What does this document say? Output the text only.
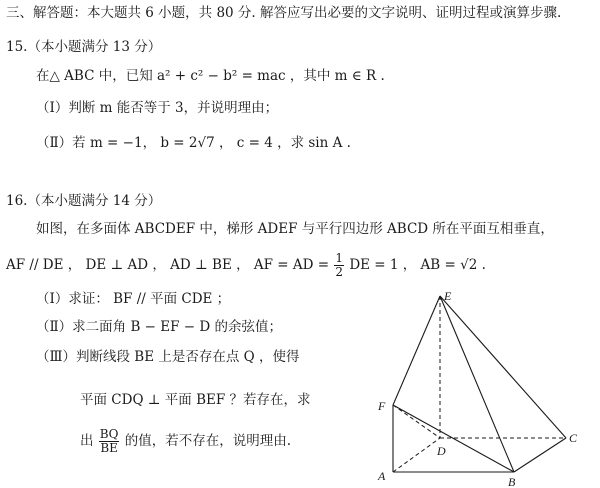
三、解答题：本大题共 6 小题，共 80 分. 解答应写出必要的文字说明、证明过程或演算步骤.
15.（本小题满分 13 分）
在△ ABC 中，已知 a² + c² − b² = mac ，其中 m ∈ R .
（Ⅰ）判断 m 能否等于 3，并说明理由；
（Ⅱ）若 m = −1， b = 2√7 ， c = 4 ，求 sin A .
16.（本小题满分 14 分）
如图，在多面体 ABCDEF 中，梯形 ADEF 与平行四边形 ABCD 所在平面互相垂直，
AF // DE ， DE ⊥ AD ， AD ⊥ BE ， AF = AD = $\frac{1}{2}$ DE = 1 ， AB = √2 .
（Ⅰ）求证： BF // 平面 CDE ；
（Ⅱ）求二面角 B − EF − D 的余弦值；
（Ⅲ）判断线段 BE 上是否存在点 Q ，使得
平面 CDQ ⊥ 平面 BEF ？若存在，求
出 $\frac{BQ}{BE}$ 的值，若不存在，说明理由.
E
F
D
C
A	B
